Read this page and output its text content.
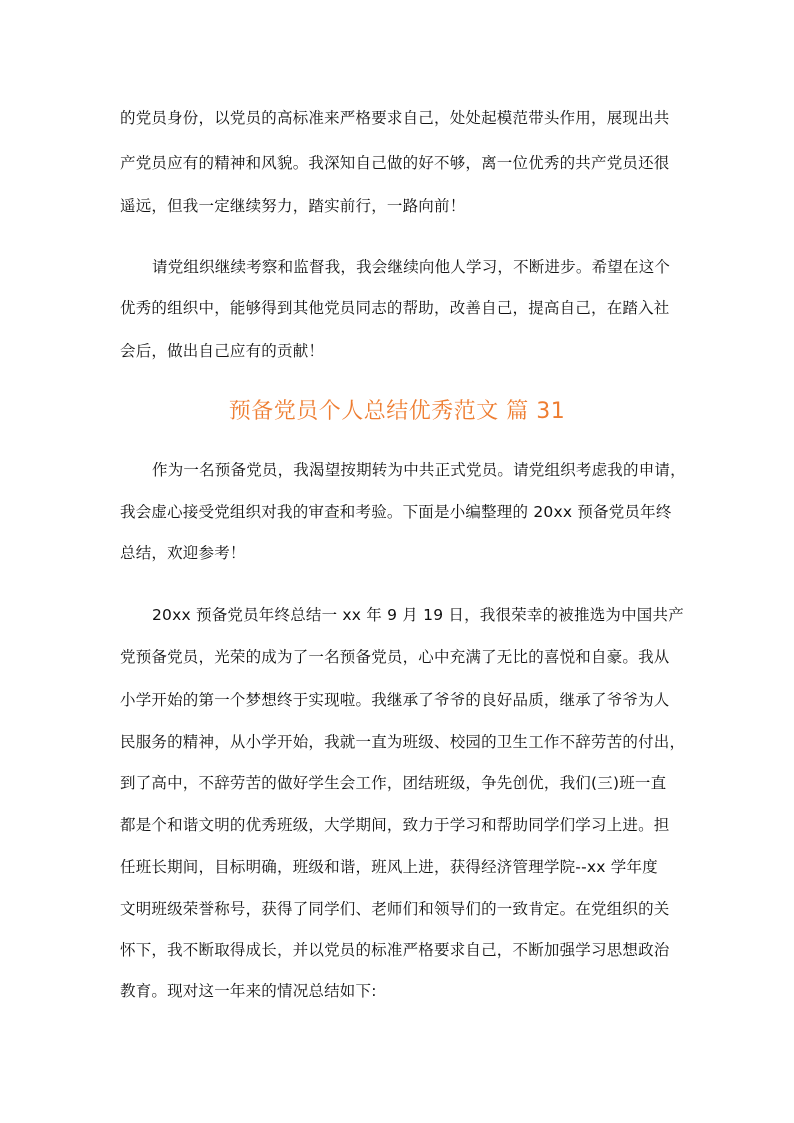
的党员身份，以党员的高标准来严格要求自己，处处起模范带头作用，展现出共
产党员应有的精神和风貌。我深知自己做的好不够，离一位优秀的共产党员还很
遥远，但我一定继续努力，踏实前行，一路向前！
请党组织继续考察和监督我，我会继续向他人学习，不断进步。希望在这个
优秀的组织中，能够得到其他党员同志的帮助，改善自己，提高自己，在踏入社
会后，做出自己应有的贡献！
作为一名预备党员，我渴望按期转为中共正式党员。请党组织考虑我的申请，
我会虚心接受党组织对我的审查和考验。下面是小编整理的 20xx 预备党员年终
总结，欢迎参考！
20xx 预备党员年终总结一 xx 年 9 月 19 日，我很荣幸的被推选为中国共产
党预备党员，光荣的成为了一名预备党员，心中充满了无比的喜悦和自豪。我从
小学开始的第一个梦想终于实现啦。我继承了爷爷的良好品质，继承了爷爷为人
民服务的精神，从小学开始，我就一直为班级、校园的卫生工作不辞劳苦的付出，
到了高中，不辞劳苦的做好学生会工作，团结班级，争先创优，我们(三)班一直
都是个和谐文明的优秀班级，大学期间，致力于学习和帮助同学们学习上进。担
任班长期间，目标明确，班级和谐，班风上进，获得经济管理学院--xx 学年度
文明班级荣誉称号，获得了同学们、老师们和领导们的一致肯定。在党组织的关
怀下，我不断取得成长，并以党员的标准严格要求自己，不断加强学习思想政治
教育。现对这一年来的情况总结如下:
预备党员个人总结优秀范文 篇 31
